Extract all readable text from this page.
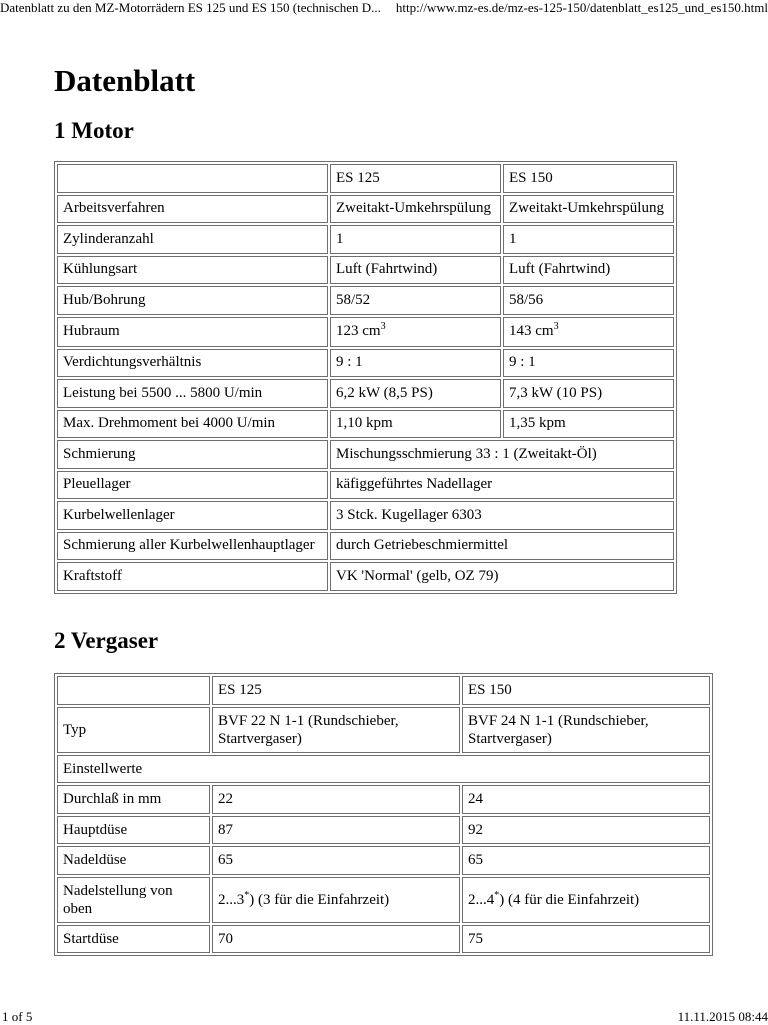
Datenblatt zu den MZ-Motorrädern ES 125 und ES 150 (technischen D... http://www.mz-es.de/mz-es-125-150/datenblatt_es125_und_es150.html
Datenblatt
1 Motor
	ES 125	ES 150
Arbeitsverfahren	Zweitakt-Umkehrspülung	Zweitakt-Umkehrspülung
Zylinderanzahl	1	1
Kühlungsart	Luft (Fahrtwind)	Luft (Fahrtwind)
Hub/Bohrung	58/52	58/56
Hubraum	123 $cm^3$	143 $cm^3$
Verdichtungsverhältnis	9 : 1	9 : 1
Leistung bei 5500 ... 5800 U/min	6,2 kW (8,5 PS)	7,3 kW (10 PS)
Max. Drehmoment bei 4000 U/min	1,10 kpm	1,35 kpm
Schmierung	Mischungsschmierung 33 : 1 (Zweitakt-Öl)	
Pleuellager	käfiggeführtes Nadellager	
Kurbelwellenlager	3 Stck. Kugellager 6303	
Schmierung aller Kurbelwellenhauptlager	durch Getriebeschmiermittel	
Kraftstoff	VK 'Normal' (gelb, OZ 79)	
2 Vergaser
	ES 125	ES 150
Typ	BVF 22 N 1-1 (Rundschieber, Startvergaser)	BVF 24 N 1-1 (Rundschieber, Startvergaser)
Einstellwerte		
Durchlaß in mm	22	24
Hauptdüse	87	92
Nadeldüse	65	65
Nadelstellung von oben	2...3*) (3 für die Einfahrzeit)	2...4*) (4 für die Einfahrzeit)
Startdüse	70	75
1 of 5	11.11.2015 08:44
